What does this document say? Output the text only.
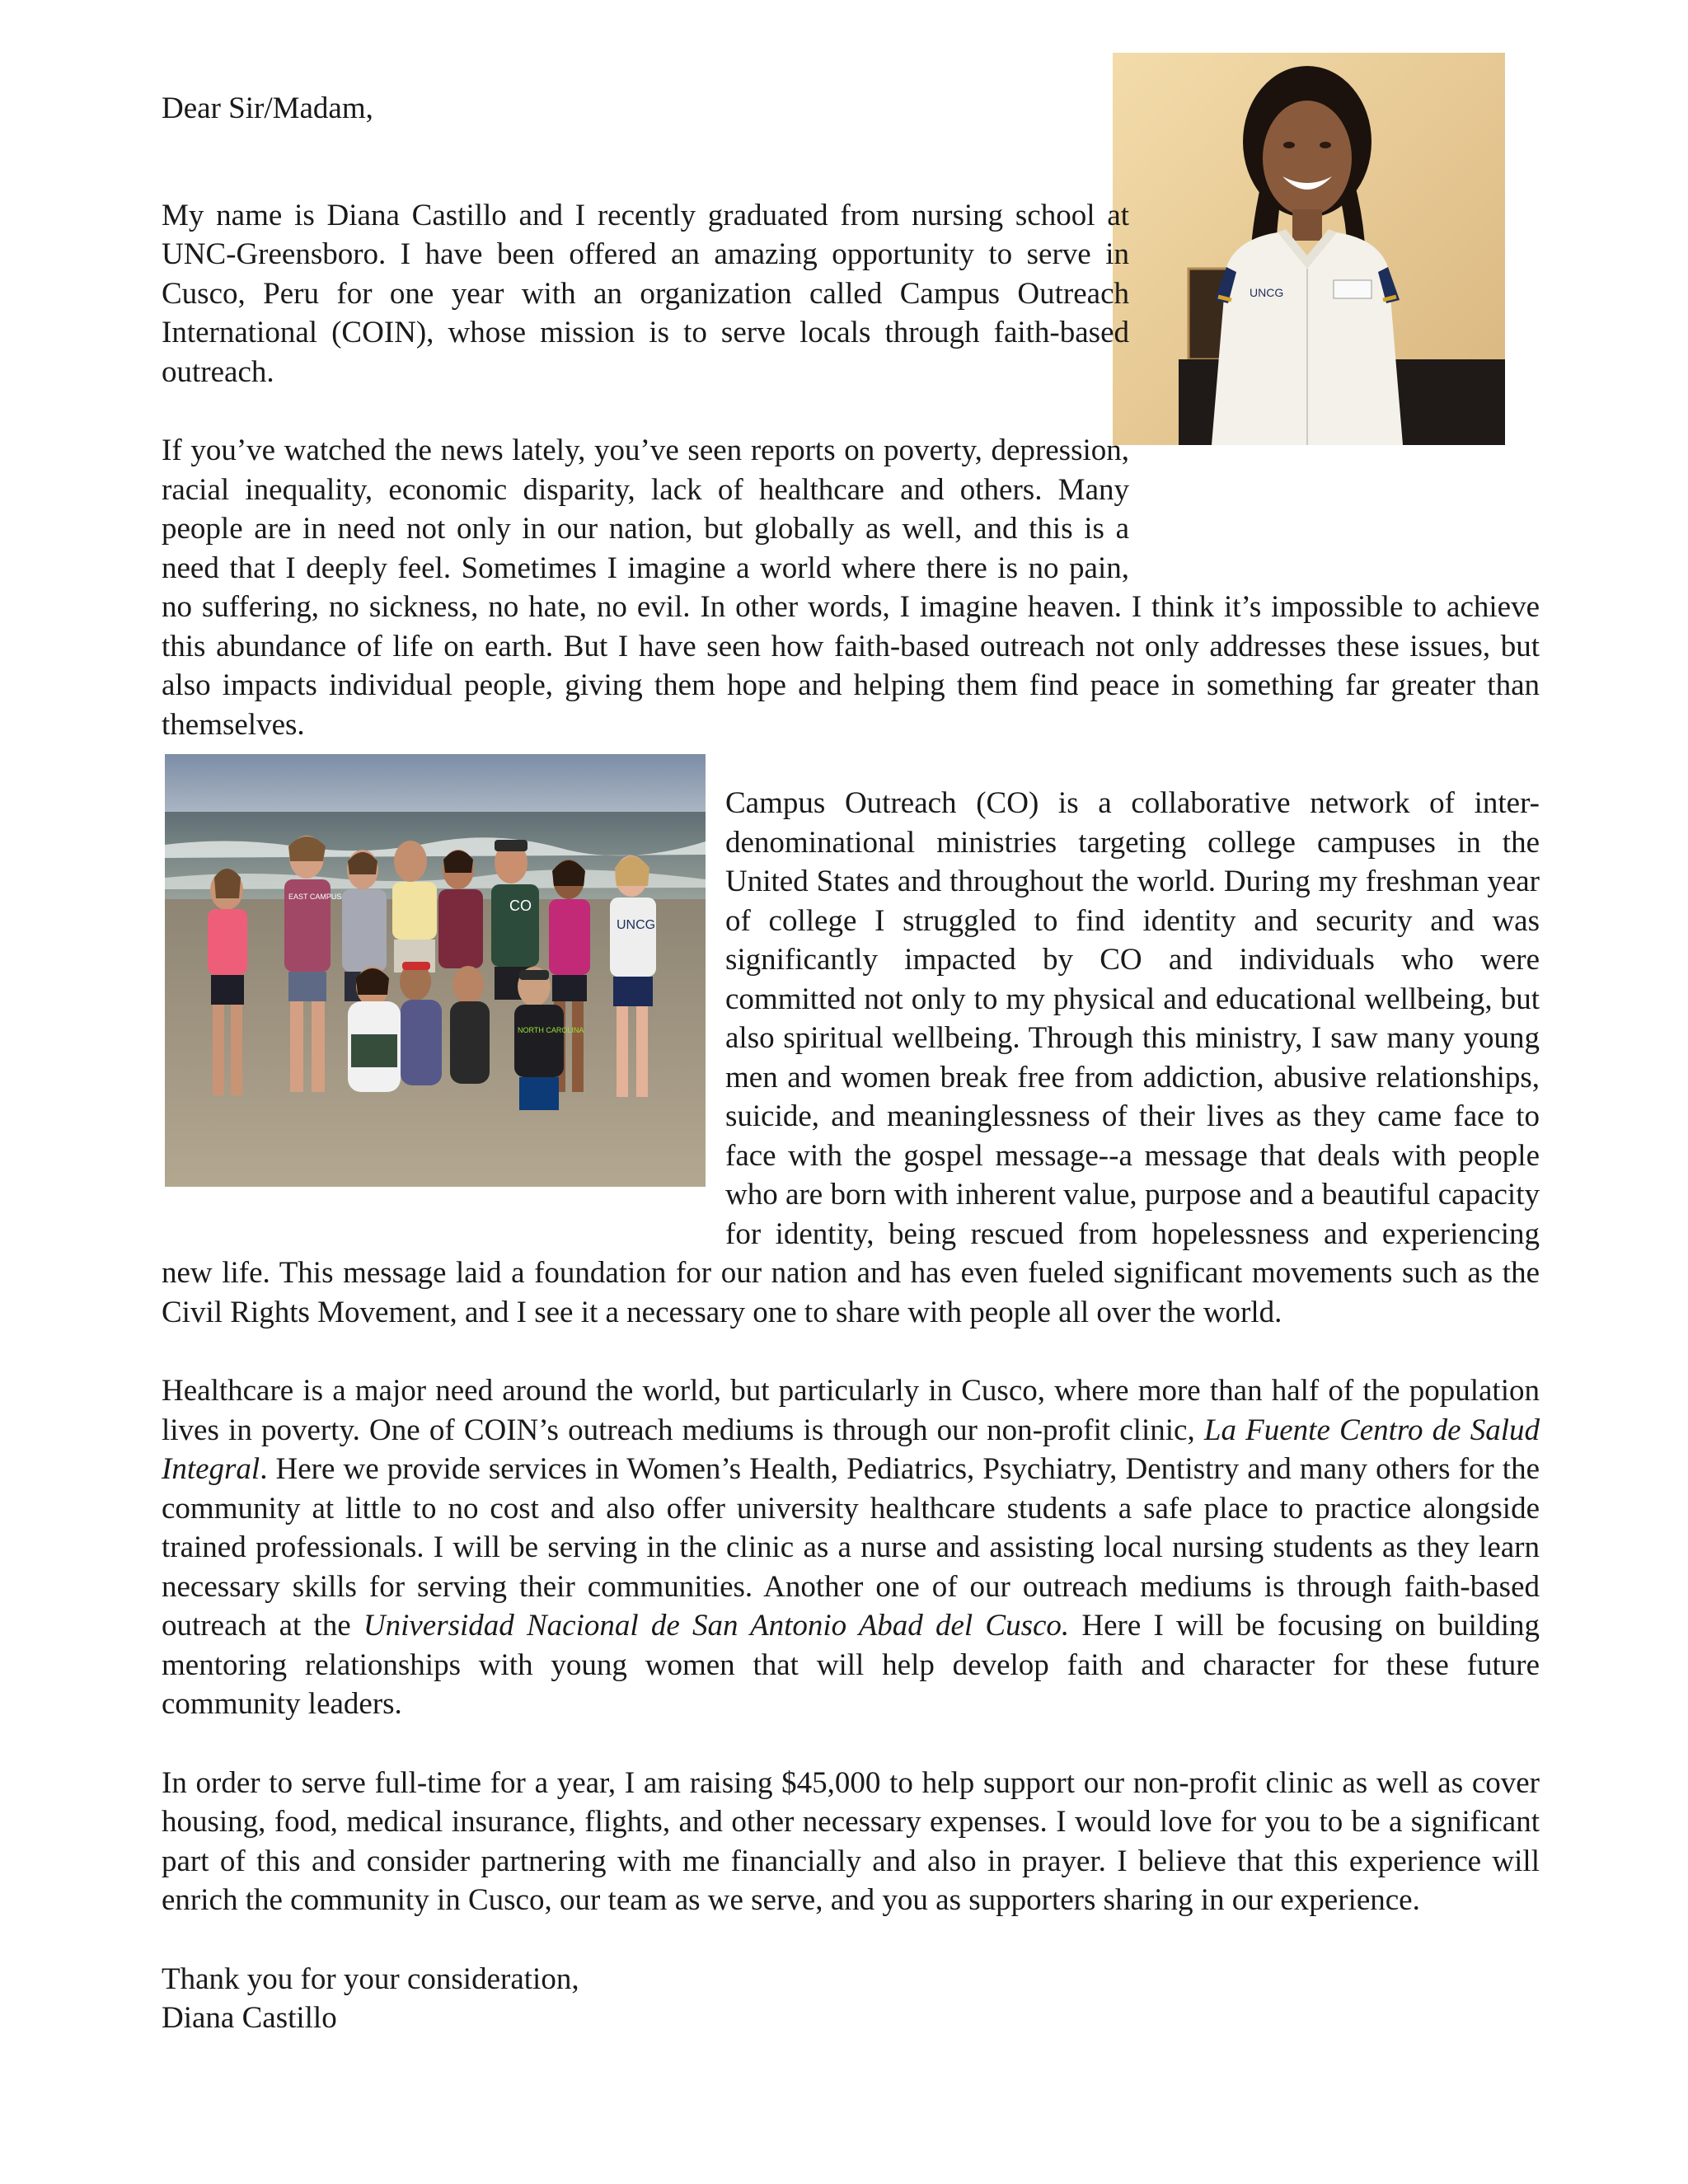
UNCG
EAST CAMPUS
CO
UNCG
NORTH CAROLINA

Dear Sir/Madam,

My name is Diana Castillo and I recently graduated from nursing school at UNC-Greensboro. I have been offered an amazing opportunity to serve in Cusco, Peru for one year with an organization called Campus Outreach International (COIN), whose mission is to serve locals through faith-based outreach.

If you’ve watched the news lately, you’ve seen reports on poverty, depression, racial inequality, economic disparity, lack of healthcare and others. Many people are in need not only in our nation, but globally as well, and this is a need that I deeply feel. Sometimes I imagine a world where there is no pain, no suffering, no sickness, no hate, no evil. In other words, I imagine heaven. I think it’s impossible to achieve this abundance of life on earth. But I have seen how faith-based outreach not only addresses these issues, but also impacts individual people, giving them hope and helping them find peace in something far greater than themselves.

Campus Outreach (CO) is a collaborative network of inter-denominational ministries targeting college campuses in the United States and throughout the world. During my freshman year of college I struggled to find identity and security and was significantly impacted by CO and individuals who were committed not only to my physical and educational wellbeing, but also spiritual wellbeing. Through this ministry, I saw many young men and women break free from addiction, abusive relationships, suicide, and meaninglessness of their lives as they came face to face with the gospel message--a message that deals with people who are born with inherent value, purpose and a beautiful capacity for identity, being rescued from hopelessness and experiencing new life. This message laid a foundation for our nation and has even fueled significant movements such as the Civil Rights Movement, and I see it a necessary one to share with people all over the world.

Healthcare is a major need around the world, but particularly in Cusco, where more than half of the population lives in poverty. One of COIN’s outreach mediums is through our non-profit clinic, La Fuente Centro de Salud Integral. Here we provide services in Women’s Health, Pediatrics, Psychiatry, Dentistry and many others for the community at little to no cost and also offer university healthcare students a safe place to practice alongside trained professionals. I will be serving in the clinic as a nurse and assisting local nursing students as they learn necessary skills for serving their communities. Another one of our outreach mediums is through faith-based outreach at the Universidad Nacional de San Antonio Abad del Cusco. Here I will be focusing on building mentoring relationships with young women that will help develop faith and character for these future community leaders.

In order to serve full-time for a year, I am raising $45,000 to help support our non-profit clinic as well as cover housing, food, medical insurance, flights, and other necessary expenses. I would love for you to be a significant part of this and consider partnering with me financially and also in prayer. I believe that this experience will enrich the community in Cusco, our team as we serve, and you as supporters sharing in our experience.

Thank you for your consideration,

Diana Castillo
